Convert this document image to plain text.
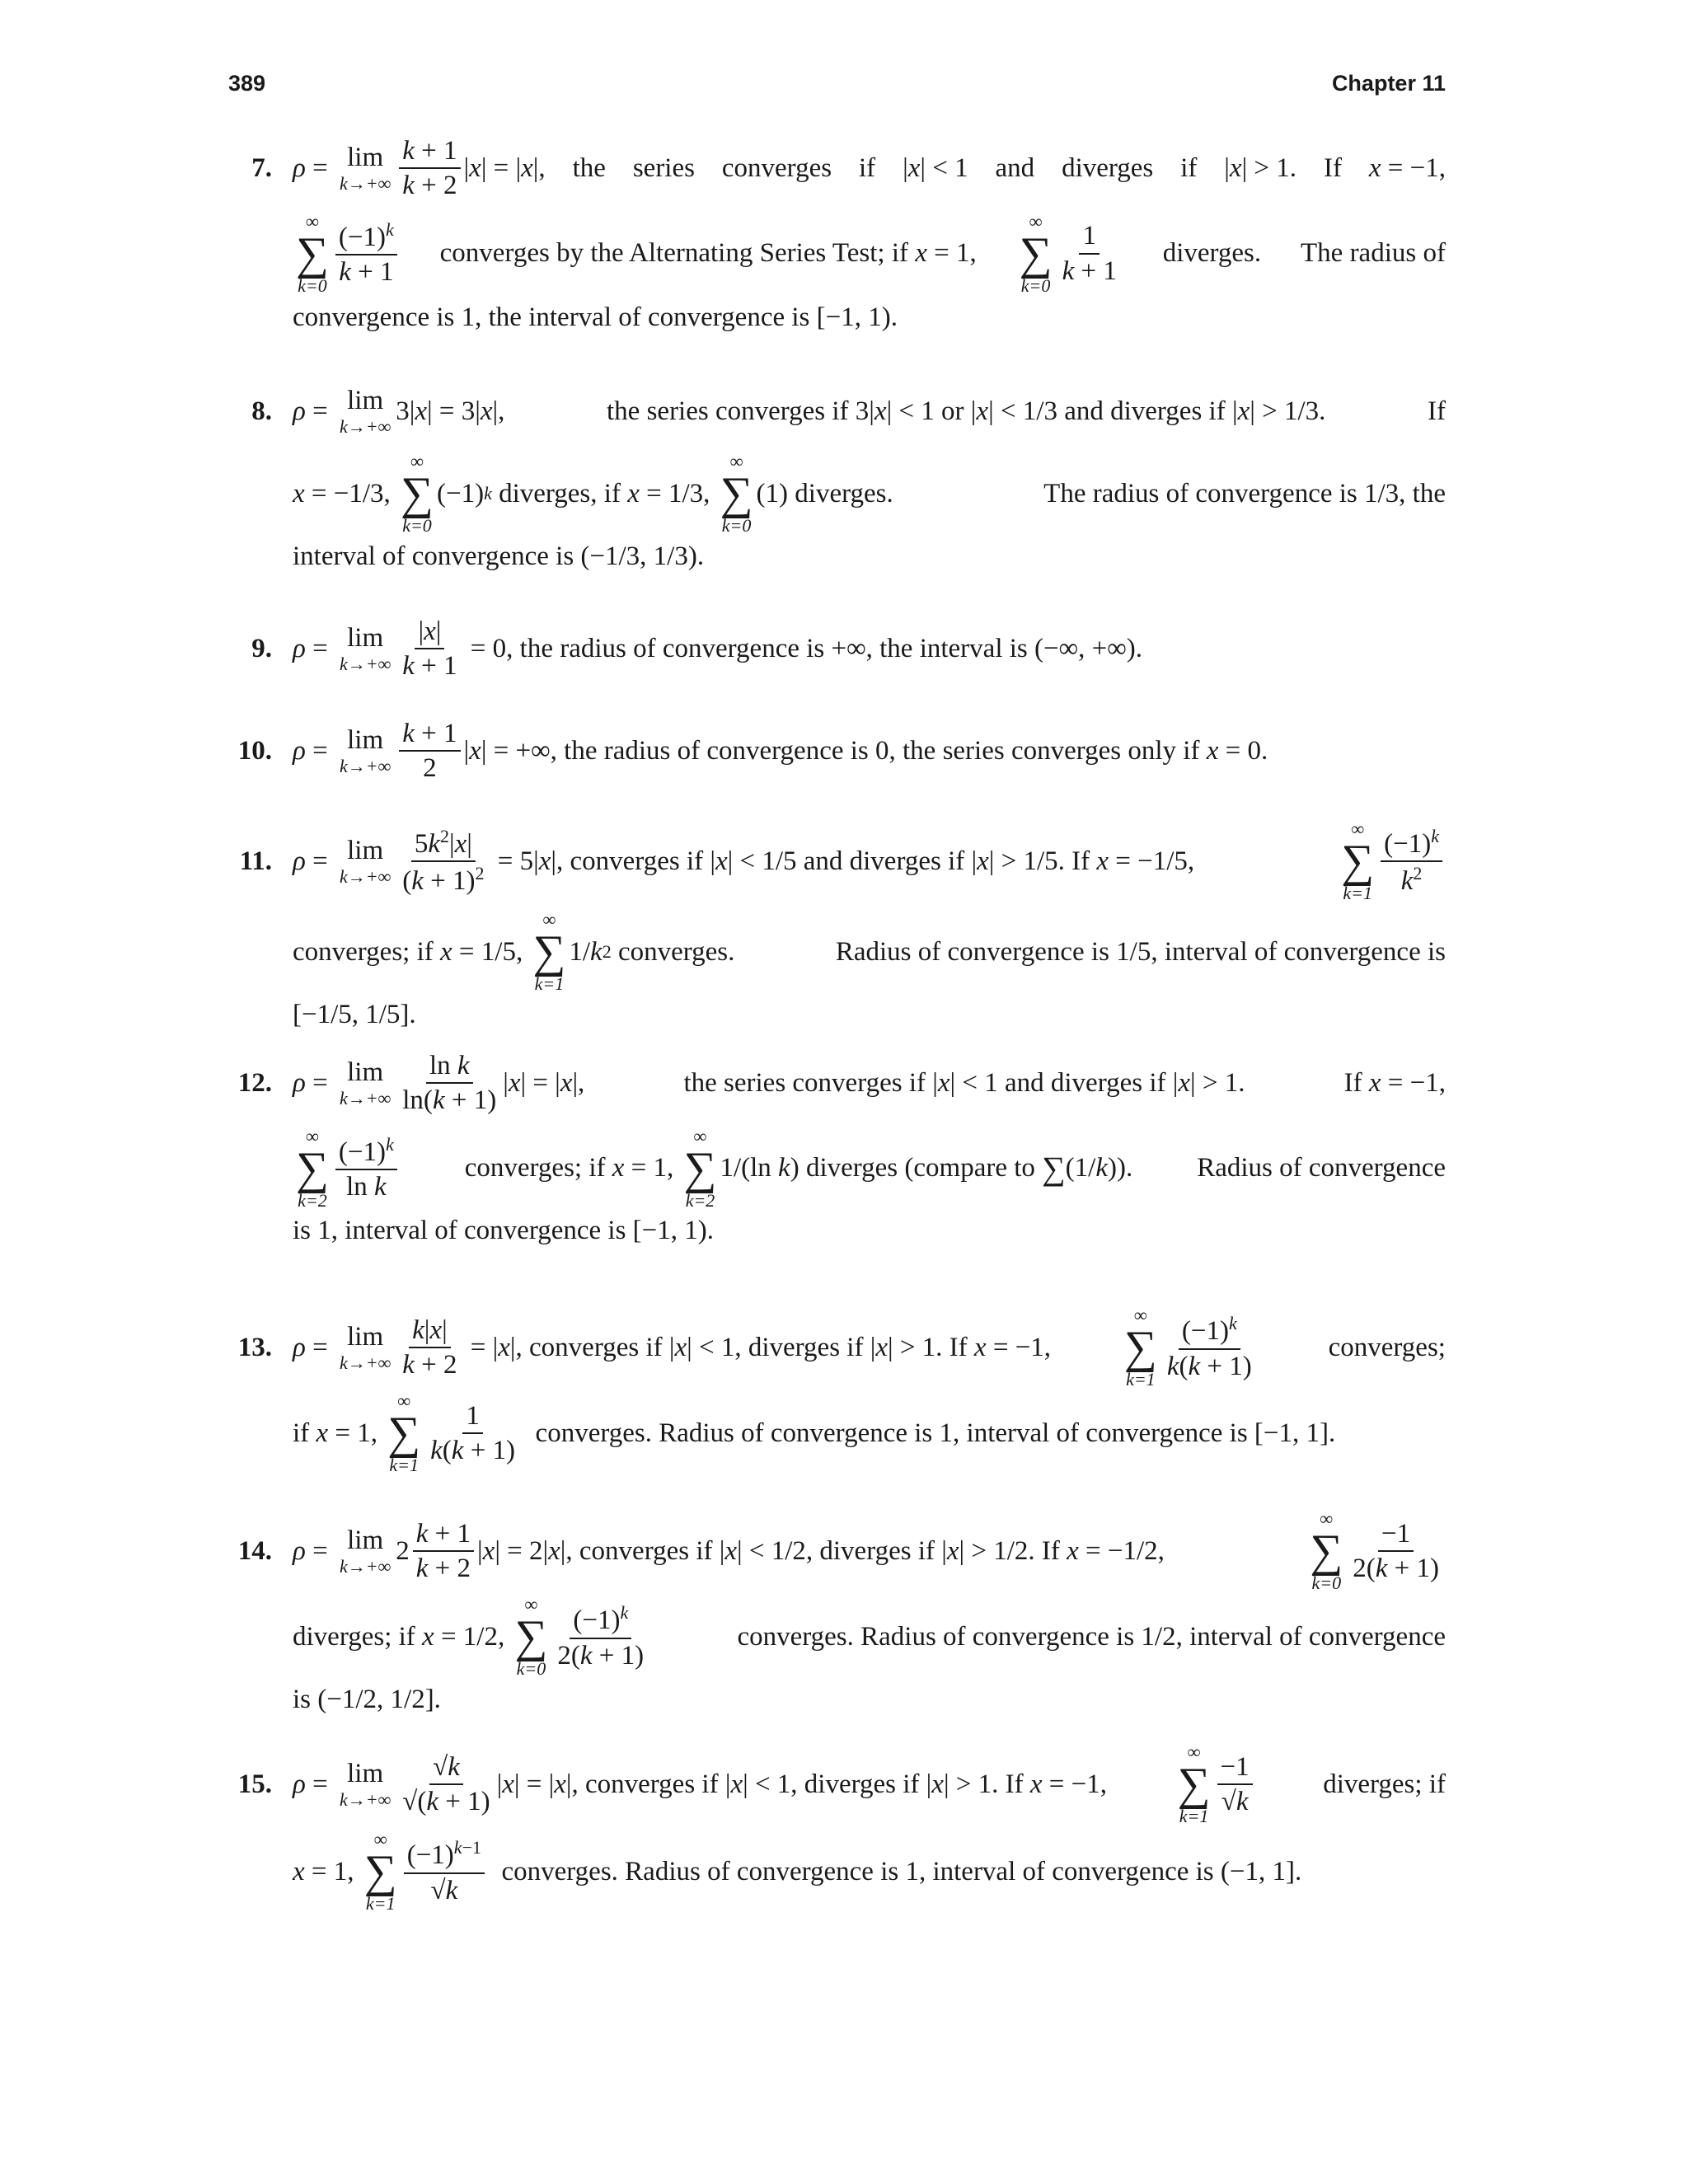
389	Chapter 11
7. ρ = lim
$k\to+\infty \frac{k + 1}{k + 2}$ | x | = | x |, the series converges if |x| < 1 and diverges if |x| > 1. If x = −1,
∞
∑
$k=0 \frac{(-1)^k}{k + 1}$ converges by the Alternating Series Test; if x = 1,
∞
∑
$k=0 \frac{1}{k + 1}$ diverges. The radius of
convergence is 1, the interval of convergence is [−1, 1).
8. ρ = lim
k→+∞
3| x | = 3| x |,	the series converges if 3|x| < 1 or |x| < 1/3 and diverges if |x| > 1/3.	If
x = −1/3,
∞
∑
k=0
(−1) k diverges, if x = 1/3,
∞
∑
k=0
(1) diverges.	The radius of convergence is 1/3, the
interval of convergence is (−1/3, 1/3).
9. ρ = lim
$k\to+\infty \frac{|x|}{k + 1} = 0$, the radius of convergence is +∞, the interval is (−∞, +∞).
10. ρ = lim
$k\to+\infty \frac{k + 1}{2}$ | x | = +∞, the radius of convergence is 0, the series converges only if x = 0.
11. ρ = lim
$k\to+\infty \frac{5k^2|x|}{(k + 1)^2} = 5|$ x |, converges if | x | < 1/5 and diverges if | x | > 1/5. If x = −1/5,
∞
∑
$k=1 \frac{(-1)^k}{k^2}$
converges; if x = 1/5,
∞
∑
k=1
1/ k 2 converges.	Radius of convergence is 1/5, interval of convergence is
[−1/5, 1/5].
12. ρ = lim
$k\to+\infty \frac{\text{ln k}}{\ln(k + 1)}$ | x | = | x |,	the series converges if |x| < 1 and diverges if |x| > 1.	If x = −1,
∞
∑
$k=2 \frac{(-1)^k}{\text{ln k}}$ converges; if x = 1,
∞
∑
k=2
1/(ln k ) diverges (compare to ∑ (1/ k )). Radius of convergence
is 1, interval of convergence is [−1, 1).
13. ρ = lim
$k\to+\infty \frac{k|x|}{k + 2}$ = | x |, converges if | x | < 1, diverges if | x | > 1. If x = −1,
∞
∑
$k=1 \frac{(-1)^k}{k(k + 1)}$	converges;
if x = 1,
∞
∑
$k=1 \frac{1}{k(k + 1)}$ converges. Radius of convergence is 1, interval of convergence is [−1, 1].
14. ρ = lim
k→+∞
$2 \frac{k + 1}{k + 2}$ | x | = 2| x |, converges if | x | < 1/2, diverges if | x | > 1/2. If x = −1/2,
∞
∑
$k=0 \frac{-1}{2(k + 1)}$
diverges; if x = 1/2,
∞
∑
$k=0 \frac{(-1)^k}{2(k + 1)}$	converges. Radius of convergence is 1/2, interval of convergence
is (−1/2, 1/2].
15. ρ = lim
$k\to+\infty \frac{√k}{√(k + 1)}$ | x | = | x |, converges if | x | < 1, diverges if | x | > 1. If x = −1,
∞
∑
$k=1 \frac{-1}{√k}$	diverges; if
x = 1,
∞
∑
$k=1 \frac{(-1)^{k-1}}{√k}$ converges. Radius of convergence is 1, interval of convergence is (−1, 1].
